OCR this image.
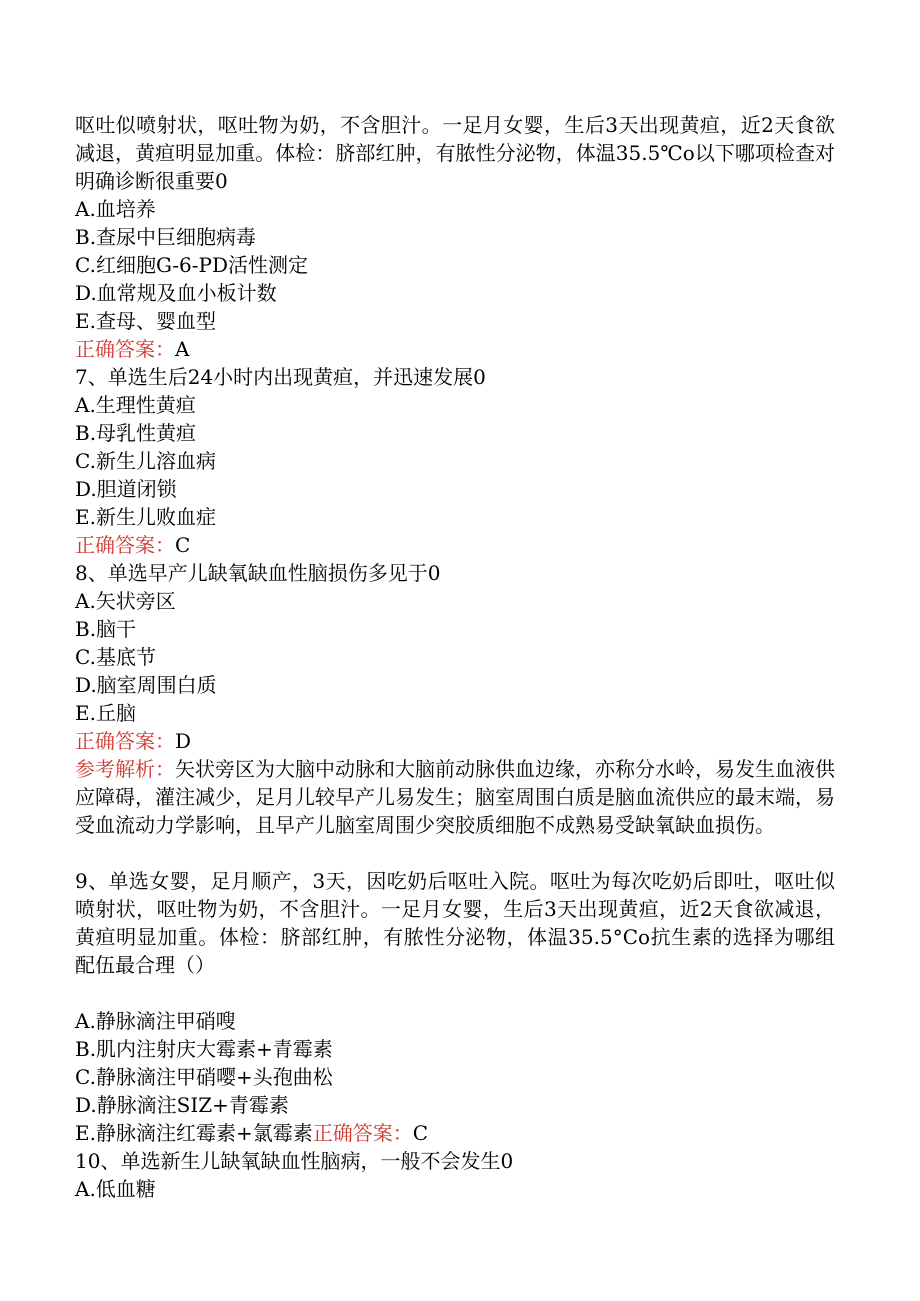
呕吐似喷射状，呕吐物为奶，不含胆汁。一足月女婴，生后3天出现黄疸，近2天食欲减退，黄疸明显加重。体检：脐部红肿，有脓性分泌物，体温35.5℃o以下哪项检查对明确诊断很重要0

A.血培养
B.查尿中巨细胞病毒
C.红细胞G-6-PD活性测定
D.血常规及血小板计数
E.查母、婴血型
正确答案：A
7、单选生后24小时内出现黄疸，并迅速发展0
A.生理性黄疸
B.母乳性黄疸
C.新生儿溶血病
D.胆道闭锁
E.新生儿败血症
正确答案：C
8、单选早产儿缺氧缺血性脑损伤多见于0
A.矢状旁区
B.脑干
C.基底节
D.脑室周围白质
E.丘脑
正确答案：D

参考解析：矢状旁区为大脑中动脉和大脑前动脉供血边缘，亦称分水岭，易发生血液供应障碍，灌注减少，足月儿较早产儿易发生；脑室周围白质是脑血流供应的最末端，易受血流动力学影响，且早产儿脑室周围少突胶质细胞不成熟易受缺氧缺血损伤。

9、单选女婴，足月顺产，3天，因吃奶后呕吐入院。呕吐为每次吃奶后即吐，呕吐似喷射状，呕吐物为奶，不含胆汁。一足月女婴，生后3天出现黄疸，近2天食欲减退，黄疸明显加重。体检：脐部红肿，有脓性分泌物，体温35.5°Co抗生素的选择为哪组配伍最合理（）

A.静脉滴注甲硝嗖
B.肌内注射庆大霉素+青霉素
C.静脉滴注甲硝嘤+头孢曲松
D.静脉滴注SIZ+青霉素
E.静脉滴注红霉素+氯霉素正确答案：C
10、单选新生儿缺氧缺血性脑病，一般不会发生0
A.低血糖
